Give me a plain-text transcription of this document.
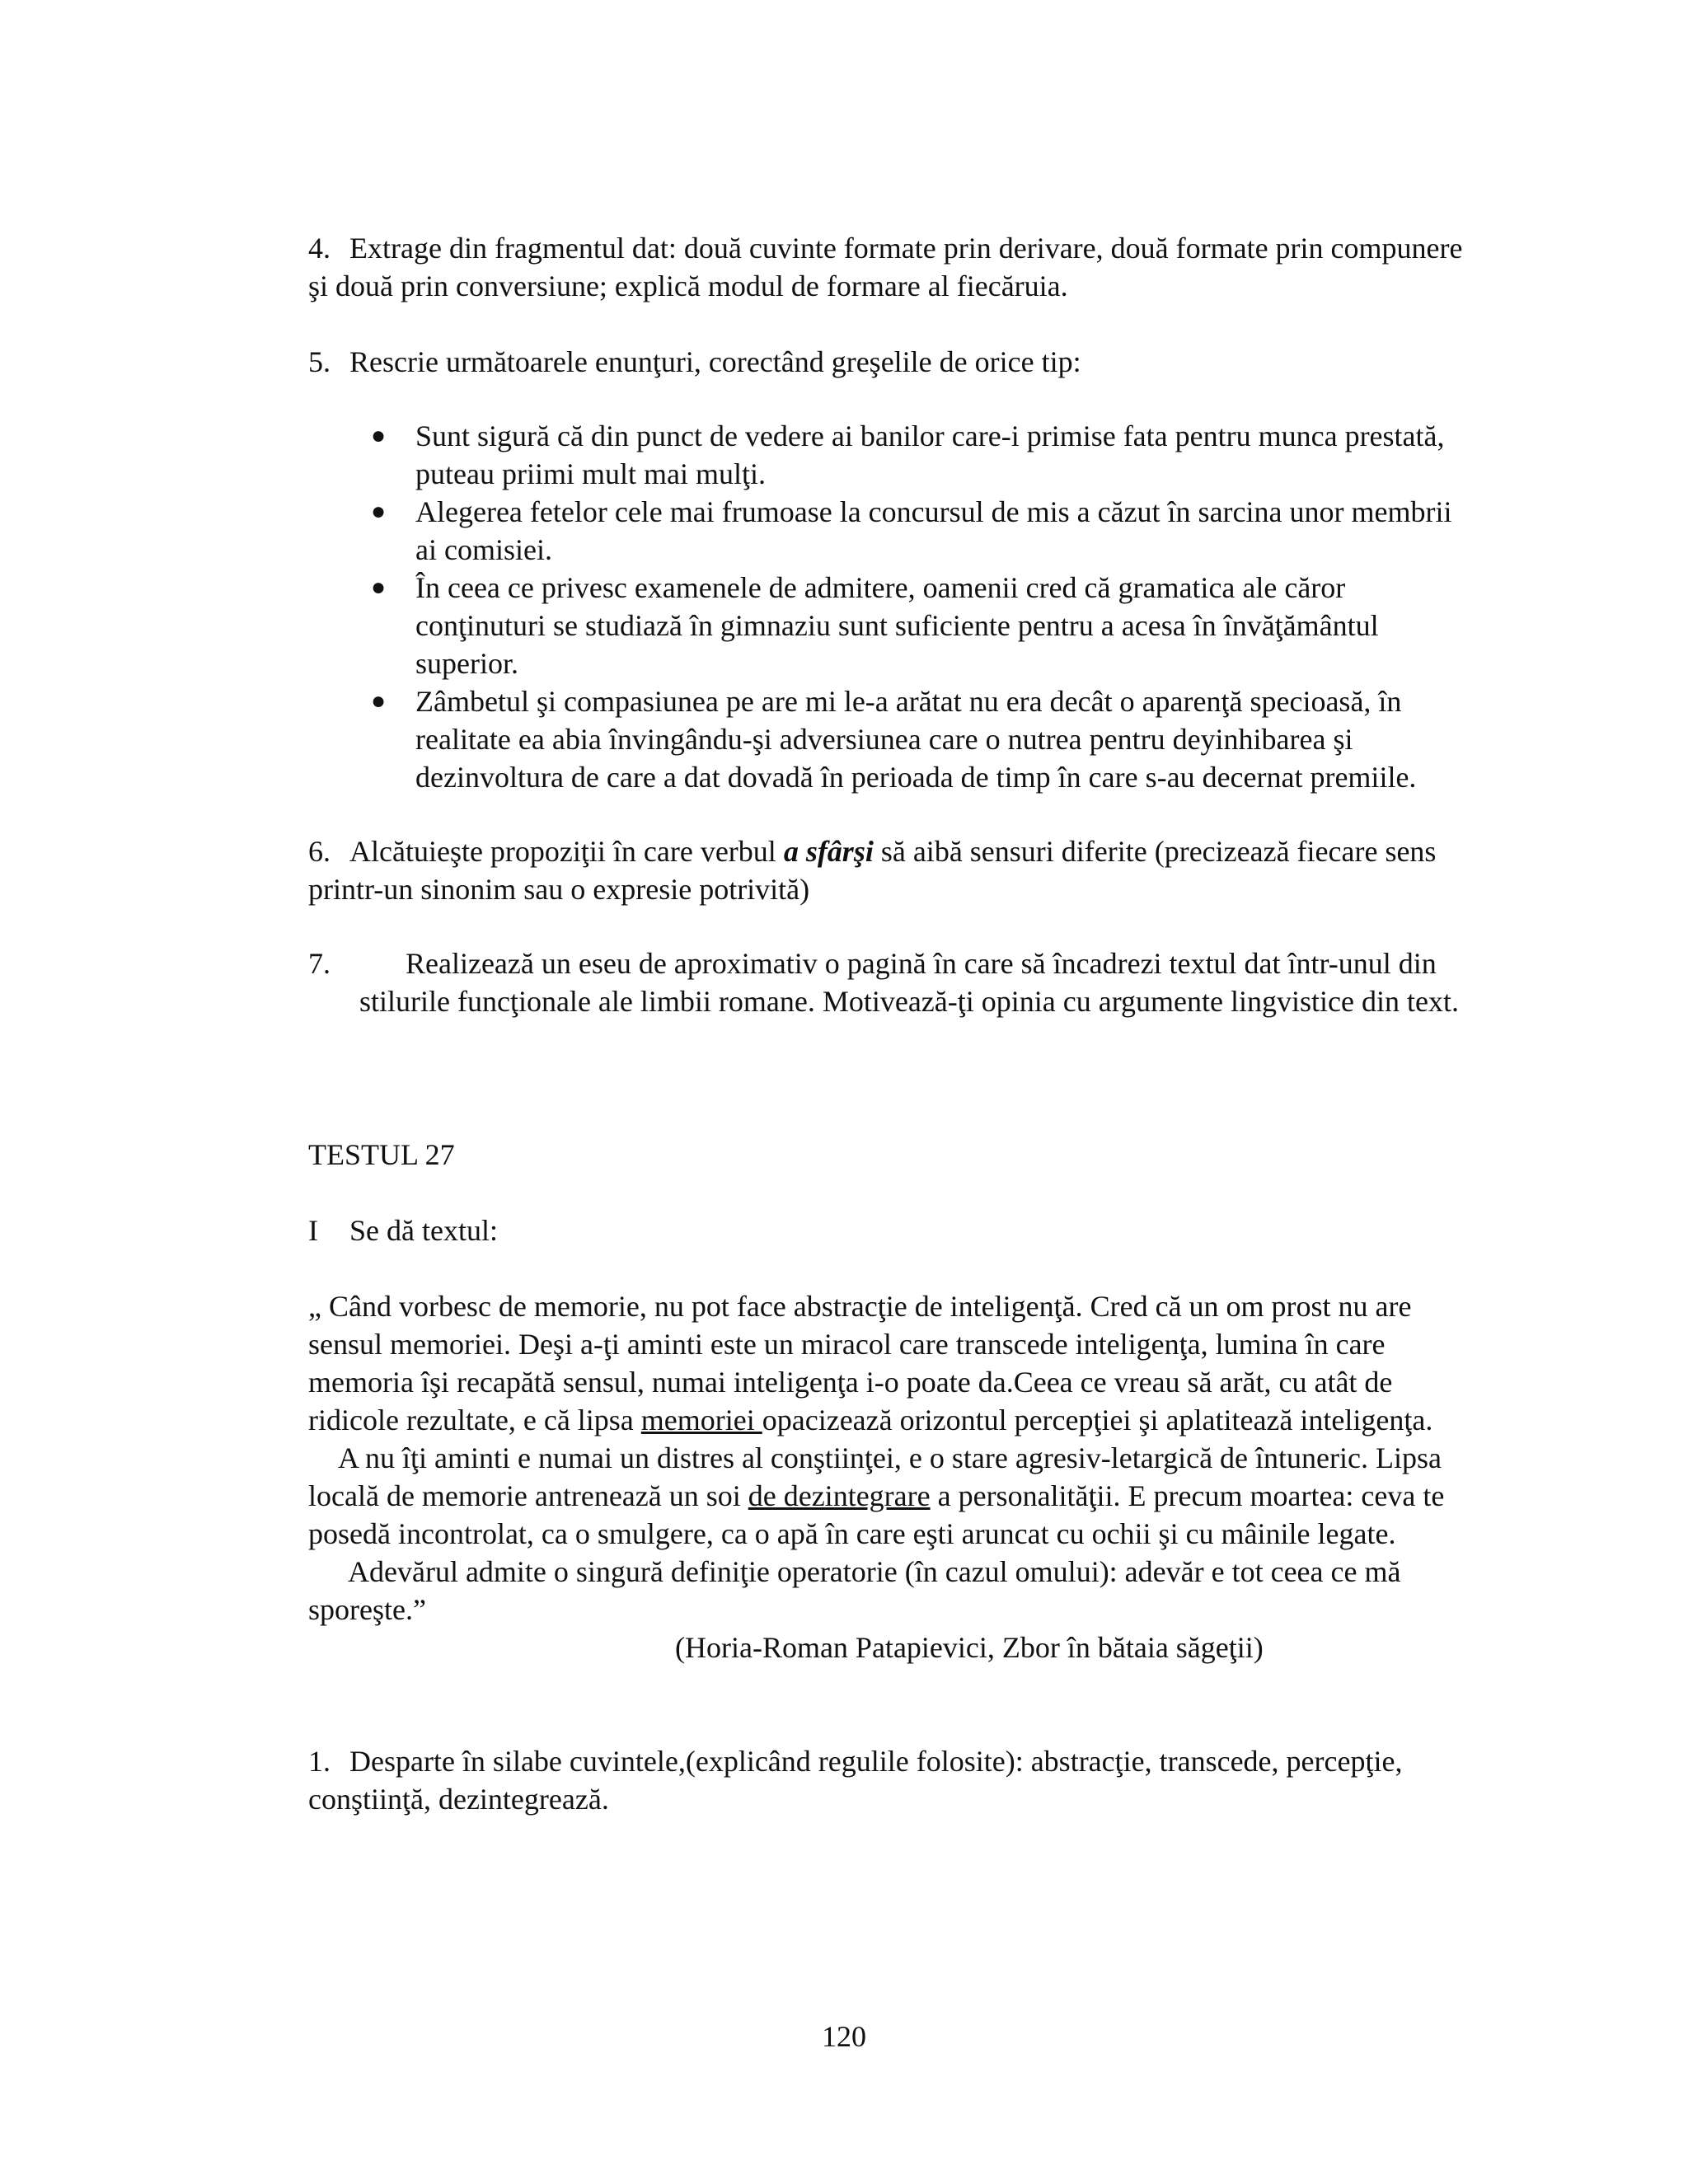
4. Extrage din fragmentul dat: două cuvinte formate prin derivare, două formate prin compunere şi două prin conversiune; explică modul de formare al fiecăruia.

5. Rescrie următoarele enunţuri, corectând greşelile de orice tip:

● Sunt sigură că din punct de vedere ai banilor care-i primise fata pentru munca prestată, puteau priimi mult mai mulţi.
● Alegerea fetelor cele mai frumoase la concursul de mis a căzut în sarcina unor membrii ai comisiei.
● În ceea ce privesc examenele de admitere, oamenii cred că gramatica ale căror conţinuturi se studiază în gimnaziu sunt suficiente pentru a acesa în învăţământul superior.
● Zâmbetul şi compasiunea pe are mi le-a arătat nu era decât o aparenţă specioasă, în realitate ea abia învingându-şi adversiunea care o nutrea pentru deyinhibarea şi dezinvoltura de care a dat dovadă în perioada de timp în care s-au decernat premiile.

6. Alcătuieşte propoziţii în care verbul a sfârşi să aibă sensuri diferite (precizează fiecare sens printr-un sinonim sau o expresie potrivită)

7.	Realizează un eseu de aproximativ o pagină în care să încadrezi textul dat într-unul din stilurile funcţionale ale limbii romane. Motivează-ţi opinia cu argumente lingvistice din text.

TESTUL 27

I Se dă textul:

„ Când vorbesc de memorie, nu pot face abstracţie de inteligenţă. Cred că un om prost nu are sensul memoriei. Deşi a-ţi aminti este un miracol care transcede inteligenţa, lumina în care memoria îşi recapătă sensul, numai inteligenţa i-o poate da.Ceea ce vreau să arăt, cu atât de ridicole rezultate, e că lipsa memoriei opacizează orizontul percepţiei şi aplatitează inteligenţa.

A nu îţi aminti e numai un distres al conştiinţei, e o stare agresiv-letargică de întuneric. Lipsa locală de memorie antrenează un soi de dezintegrare a personalităţii. E precum moartea: ceva te posedă incontrolat, ca o smulgere, ca o apă în care eşti aruncat cu ochii şi cu mâinile legate.

Adevărul admite o singură definiţie operatorie (în cazul omului): adevăr e tot ceea ce mă sporeşte.”

(Horia-Roman Patapievici, Zbor în bătaia săgeţii)

1. Desparte în silabe cuvintele,(explicând regulile folosite): abstracţie, transcede, percepţie, conştiinţă, dezintegrează.

120
